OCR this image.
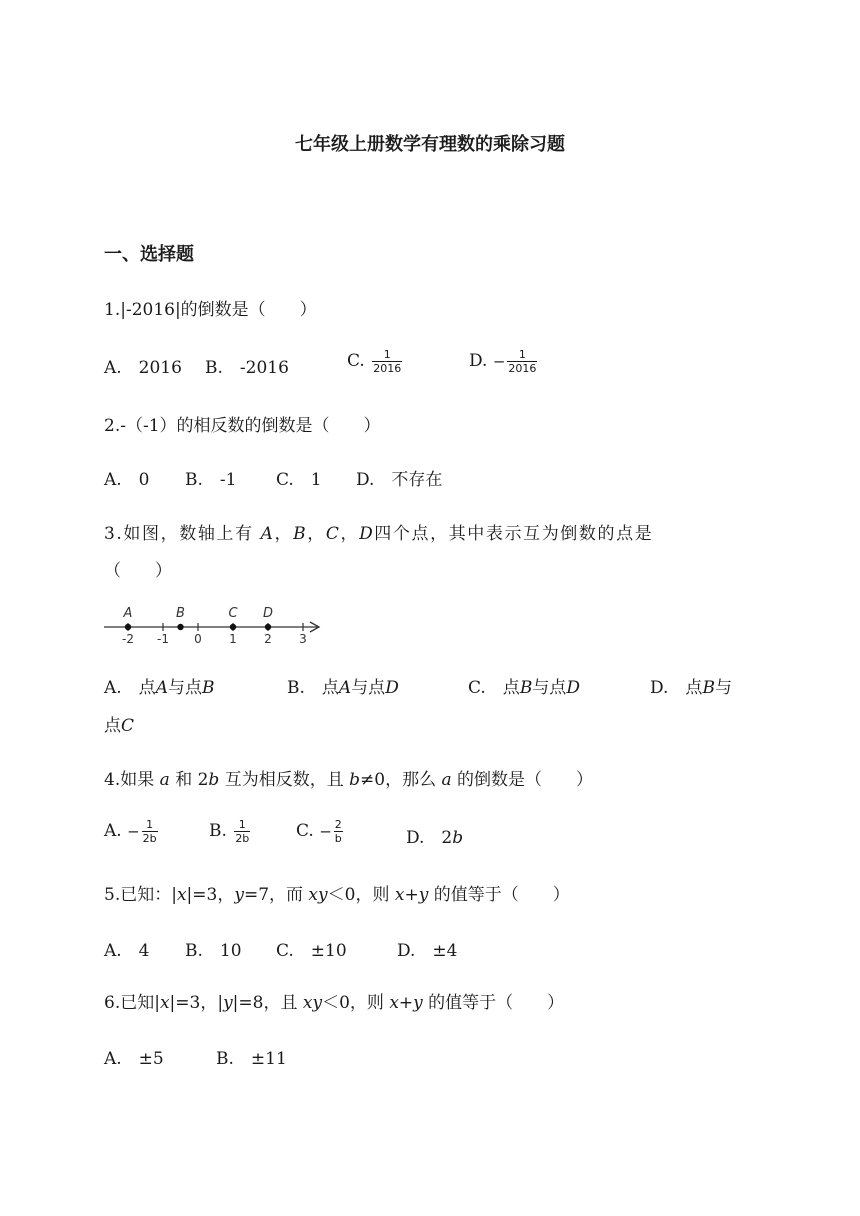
七年级上册数学有理数的乘除习题
一、选择题
1.|-2016|的倒数是（　　）
A.　2016 B.　-2016	C. $\frac{1}{2016}$	D. − $\frac{1}{2016}$
2.-（-1）的相反数的倒数是（　　）
A.　0 B.　-1 C.　1 D.　不存在
3.如图，数轴上有 A，B，C，D四个点，其中表示互为倒数的点是
（　　）
-2 -1 0 1 2 3
A	B	C D
A.　点A与点B	B.　点A与点D	C.　点B与点D	D.　点B与
点C
4.如果 a 和 2b 互为相反数，且 b≠0，那么 a 的倒数是（　　）
A. − $\frac{1}{2b}$	B. $\frac{1}{2b}$	C. − $\frac{2}{b}$	D.　2b
5.已知：|x|=3，y=7，而 xy＜0，则 x+y 的值等于（　　）
A.　4 B.　10 C.　±10	D.　±4
6.已知|x|=3，|y|=8，且 xy＜0，则 x+y 的值等于（　　）
A.　±5	B.　±11
